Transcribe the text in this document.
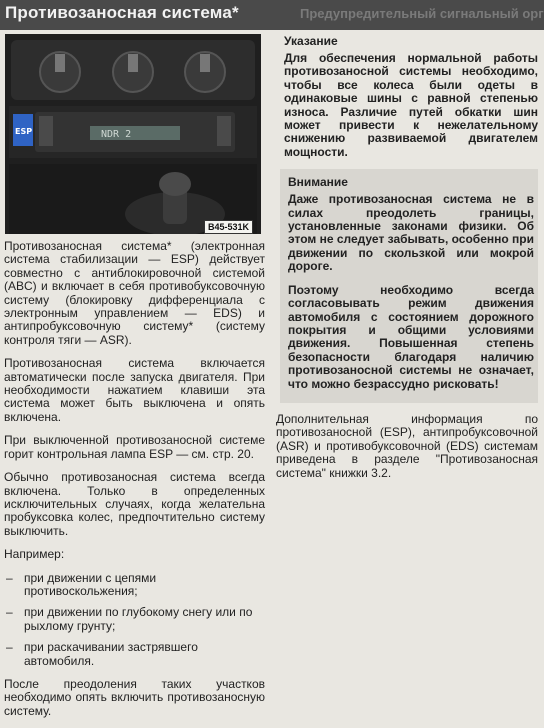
Противозаносная система*	Предупредительный сигнальный орг
NDR 2
ESP
B45-531K

Противозаносная система* (электронная система стабилизации — ESP) действует совместно с антиблокировочной системой (ABC) и включает в себя противобуксовочную систему (блокировку дифференциала с электронным управлением — EDS) и антипробуксовочную систему* (систему контроля тяги — ASR).

Противозаносная система включается автоматически после запуска двигателя. При необходимости нажатием клавиши эта система может быть выключена и опять включена.

При выключенной противозаносной системе горит контрольная лампа ESP — см. стр. 20.

Обычно противозаносная система всегда включена. Только в определенных исключительных случаях, когда желательна пробуксовка колес, предпочтительно систему выключить.

Например:

– при движении с цепями противоскольжения;
– при движении по глубокому снегу или по рыхлому грунту;
– при раскачивании застрявшего автомобиля.

После преодоления таких участков необходимо опять включить противозаносную систему.

Указание

Для обеспечения нормальной работы противозаносной системы необходимо, чтобы все колеса были одеты в одинаковые шины с равной степенью износа. Различие путей обкатки шин может привести к нежелательному снижению развиваемой двигателем мощности.

Внимание

Даже противозаносная система не в силах преодолеть границы, установленные законами физики. Об этом не следует забывать, особенно при движении по скользкой или мокрой дороге.

Поэтому необходимо всегда согласовывать режим движения автомобиля с состоянием дорожного покрытия и общими условиями движения. Повышенная степень безопасности благодаря наличию противозаносной системы не означает, что можно безрассудно рисковать!

Дополнительная информация по противозаносной (ESP), антипробуксовочной (ASR) и противобуксовочной (EDS) системам приведена в разделе "Противозаносная система" книжки 3.2.
